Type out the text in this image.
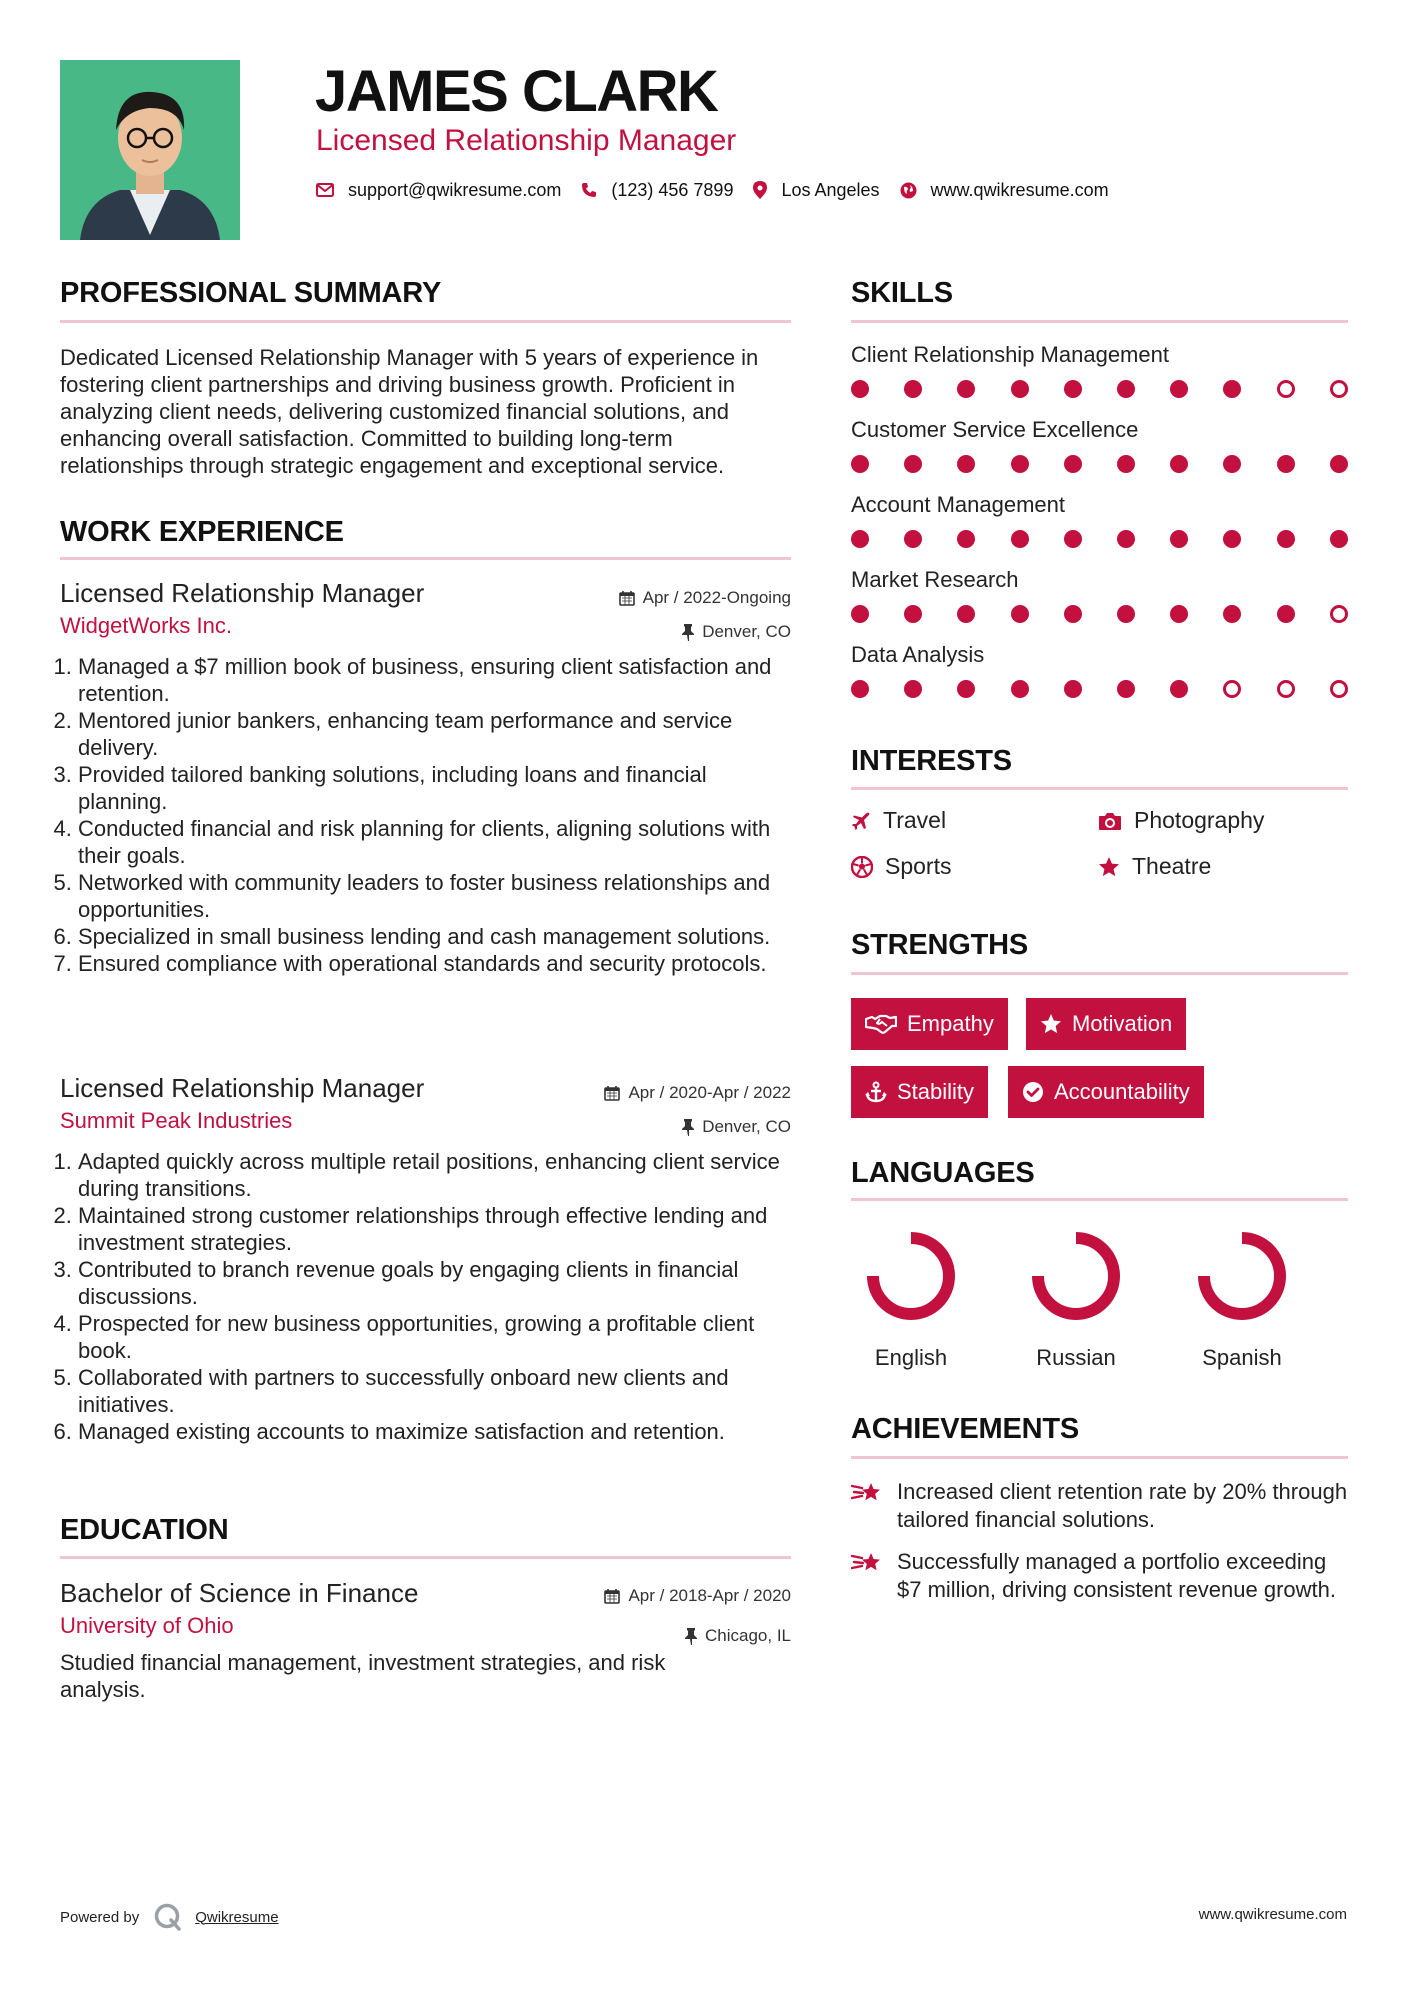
JAMES CLARK
Licensed Relationship Manager
support@qwikresume.com	(123) 456 7899	Los Angeles	www.qwikresume.com
PROFESSIONAL SUMMARY
Dedicated Licensed Relationship Manager with 5 years of experience in fostering client partnerships and driving business growth. Proficient in analyzing client needs, delivering customized financial solutions, and enhancing overall satisfaction. Committed to building long-term relationships through strategic engagement and exceptional service.
WORK EXPERIENCE
Licensed Relationship Manager
WidgetWorks Inc.
Apr / 2022-Ongoing
Denver, CO
1. Managed a $7 million book of business, ensuring client satisfaction and retention.
2. Mentored junior bankers, enhancing team performance and service delivery.
3. Provided tailored banking solutions, including loans and financial planning.
4. Conducted financial and risk planning for clients, aligning solutions with their goals.
5. Networked with community leaders to foster business relationships and opportunities.
6. Specialized in small business lending and cash management solutions.
7. Ensured compliance with operational standards and security protocols.
Licensed Relationship Manager
Summit Peak Industries
Apr / 2020-Apr / 2022
Denver, CO
1. Adapted quickly across multiple retail positions, enhancing client service during transitions.
2. Maintained strong customer relationships through effective lending and investment strategies.
3. Contributed to branch revenue goals by engaging clients in financial discussions.
4. Prospected for new business opportunities, growing a profitable client book.
5. Collaborated with partners to successfully onboard new clients and initiatives.
6. Managed existing accounts to maximize satisfaction and retention.
EDUCATION
Bachelor of Science in Finance
University of Ohio
Apr / 2018-Apr / 2020
Chicago, IL
Studied financial management, investment strategies, and risk analysis.
SKILLS
Client Relationship Management
Customer Service Excellence
Account Management
Market Research
Data Analysis
INTERESTS
Travel	Photography
Sports	Theatre
STRENGTHS
Empathy	Motivation
Stability	Accountability
LANGUAGES
English	Russian	Spanish
ACHIEVEMENTS
Increased client retention rate by 20% through tailored financial solutions.
Successfully managed a portfolio exceeding $7 million, driving consistent revenue growth.
Powered by	Qwikresume	www.qwikresume.com
